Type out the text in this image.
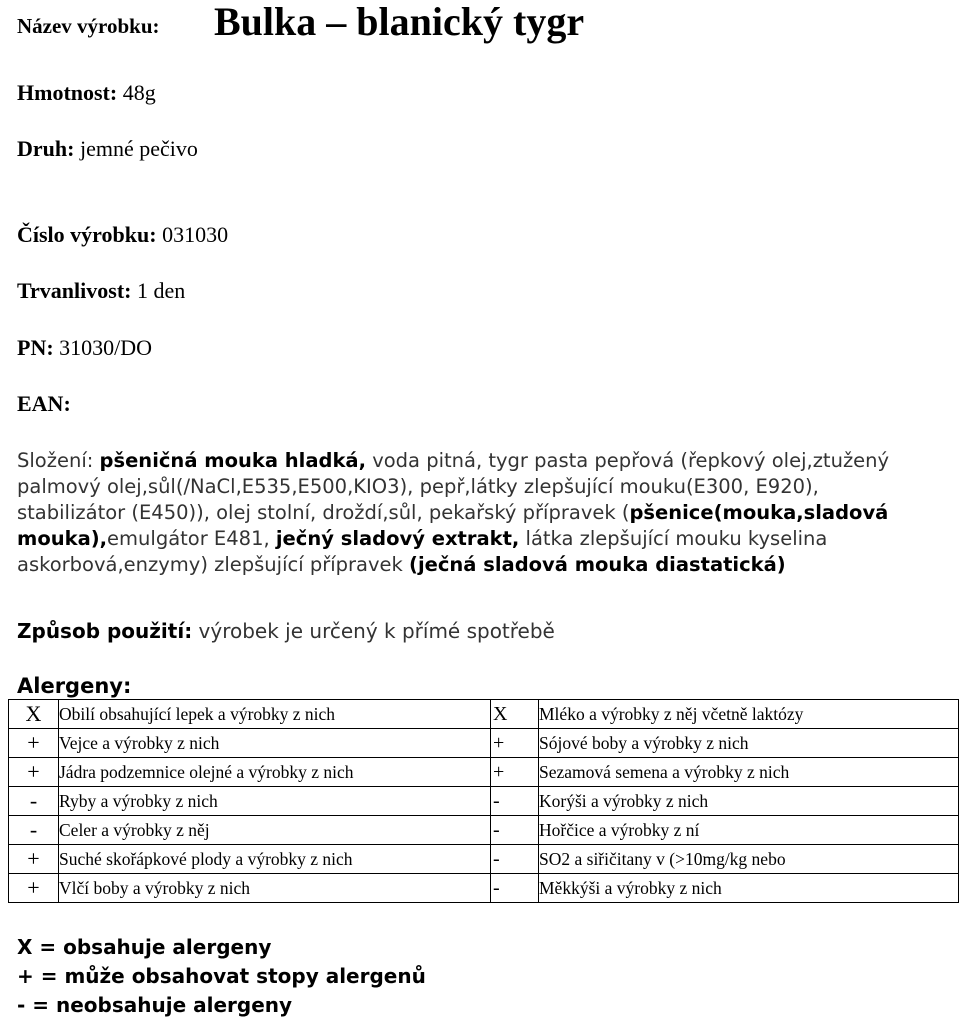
Název výrobku: Bulka – blanický tygr
Hmotnost: 48g
Druh: jemné pečivo
Číslo výrobku: 031030
Trvanlivost: 1 den
PN: 31030/DO
EAN:
Složení: pšeničná mouka hladká, voda pitná, tygr pasta pepřová (řepkový olej,ztužený
palmový olej,sůl(/NaCl,E535,E500,KIO3), pepř,látky zlepšující mouku(E300, E920),
stabilizátor (E450)), olej stolní, droždí,sůl, pekařský přípravek (pšenice(mouka,sladová
mouka),emulgátor E481, ječný sladový extrakt, látka zlepšující mouku kyselina
askorbová,enzymy) zlepšující přípravek (ječná sladová mouka diastatická)
Způsob použití: výrobek je určený k přímé spotřebě
Alergeny:
X	Obilí obsahující lepek a výrobky z nich	X	Mléko a výrobky z něj včetně laktózy
+	Vejce a výrobky z nich	+	Sójové boby a výrobky z nich
+	Jádra podzemnice olejné a výrobky z nich	+	Sezamová semena a výrobky z nich
-	Ryby a výrobky z nich	-	Korýši a výrobky z nich
-	Celer a výrobky z něj	-	Hořčice a výrobky z ní
+	Suché skořápkové plody a výrobky z nich	-	SO2 a siřičitany v (>10mg/kg nebo
+	Vlčí boby a výrobky z nich	-	Měkkýši a výrobky z nich
X = obsahuje alergeny
+ = může obsahovat stopy alergenů
- = neobsahuje alergeny
